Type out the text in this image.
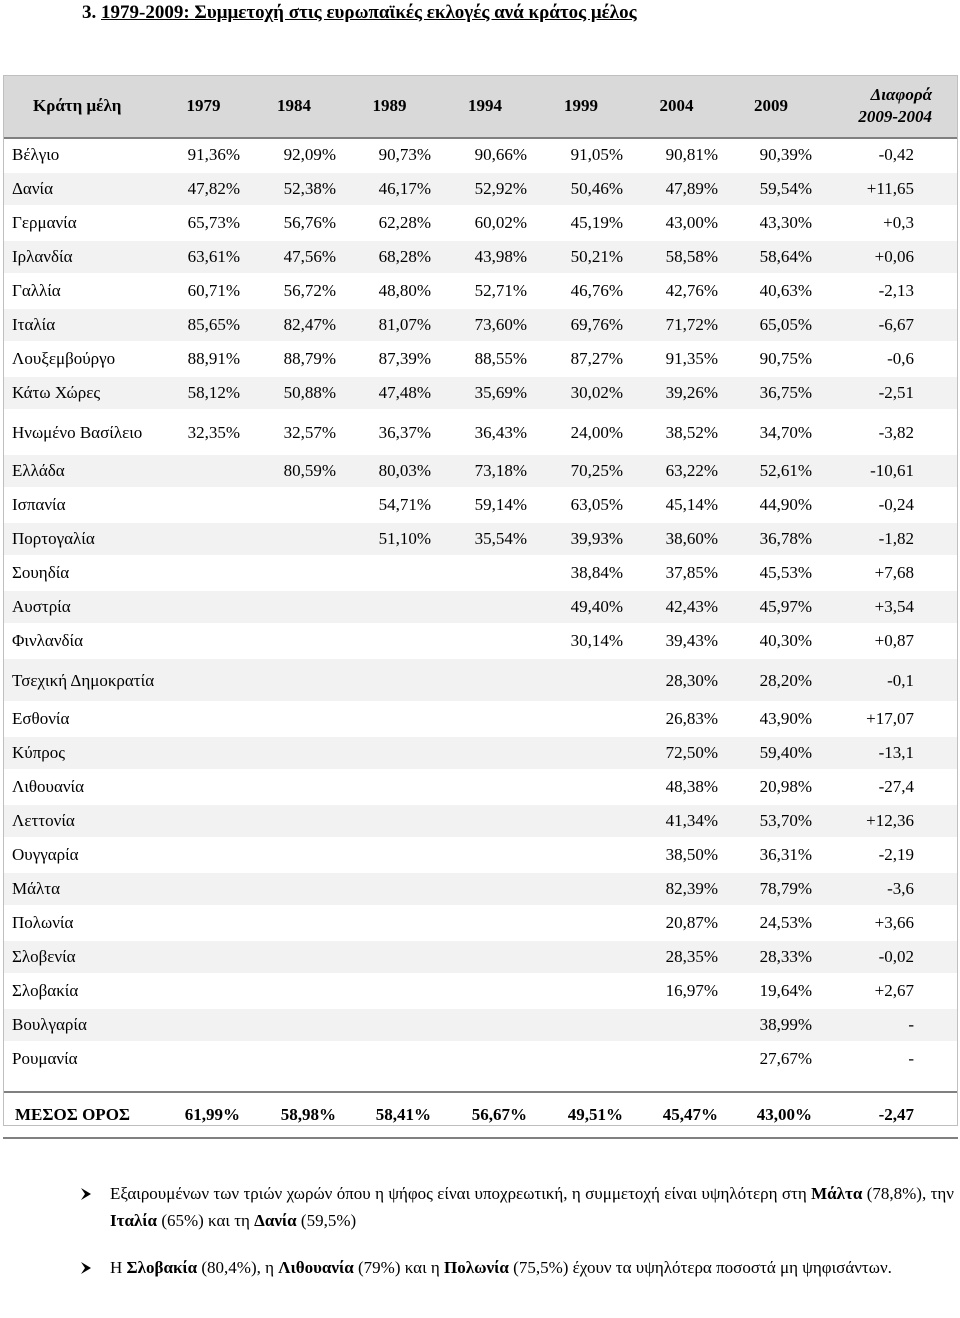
3. 1979-2009: Συμμετοχή στις ευρωπαϊκές εκλογές ανά κράτος μέλος
Κράτη μέλη	1979	1984	1989	1994	1999	2004	2009	Διαφορά
2009-2004
Βέλγιο	91,36%	92,09%	90,73%	90,66%	91,05%	90,81%	90,39%	-0,42
Δανία	47,82%	52,38%	46,17%	52,92%	50,46%	47,89%	59,54%	+11,65
Γερμανία	65,73%	56,76%	62,28%	60,02%	45,19%	43,00%	43,30%	+0,3
Ιρλανδία	63,61%	47,56%	68,28%	43,98%	50,21%	58,58%	58,64%	+0,06
Γαλλία	60,71%	56,72%	48,80%	52,71%	46,76%	42,76%	40,63%	-2,13
Ιταλία	85,65%	82,47%	81,07%	73,60%	69,76%	71,72%	65,05%	-6,67
Λουξεμβούργο	88,91%	88,79%	87,39%	88,55%	87,27%	91,35%	90,75%	-0,6
Κάτω Χώρες	58,12%	50,88%	47,48%	35,69%	30,02%	39,26%	36,75%	-2,51
Ηνωμένο Βασίλειο	32,35%	32,57%	36,37%	36,43%	24,00%	38,52%	34,70%	-3,82
Ελλάδα		80,59%	80,03%	73,18%	70,25%	63,22%	52,61%	-10,61
Ισπανία			54,71%	59,14%	63,05%	45,14%	44,90%	-0,24
Πορτογαλία			51,10%	35,54%	39,93%	38,60%	36,78%	-1,82
Σουηδία					38,84%	37,85%	45,53%	+7,68
Αυστρία					49,40%	42,43%	45,97%	+3,54
Φινλανδία					30,14%	39,43%	40,30%	+0,87
Τσεχική Δημοκρατία						28,30%	28,20%	-0,1
Εσθονία						26,83%	43,90%	+17,07
Κύπρος						72,50%	59,40%	-13,1
Λιθουανία						48,38%	20,98%	-27,4
Λεττονία						41,34%	53,70%	+12,36
Ουγγαρία						38,50%	36,31%	-2,19
Μάλτα						82,39%	78,79%	-3,6
Πολωνία						20,87%	24,53%	+3,66
Σλοβενία						28,35%	28,33%	-0,02
Σλοβακία						16,97%	19,64%	+2,67
Βουλγαρία							38,99%	-
Ρουμανία							27,67%	-

ΜΕΣΟΣ ΟΡΟΣ	61,99%	58,98%	58,41%	56,67%	49,51%	45,47%	43,00%	-2,47
Εξαιρουμένων των τριών χωρών όπου η ψήφος είναι υποχρεωτική, η συμμετοχή είναι υψηλότερη στη Μάλτα (78,8%), την Ιταλία (65%) και τη Δανία (59,5%)
Η Σλοβακία (80,4%), η Λιθουανία (79%) και η Πολωνία (75,5%) έχουν τα υψηλότερα ποσοστά μη ψηφισάντων.
